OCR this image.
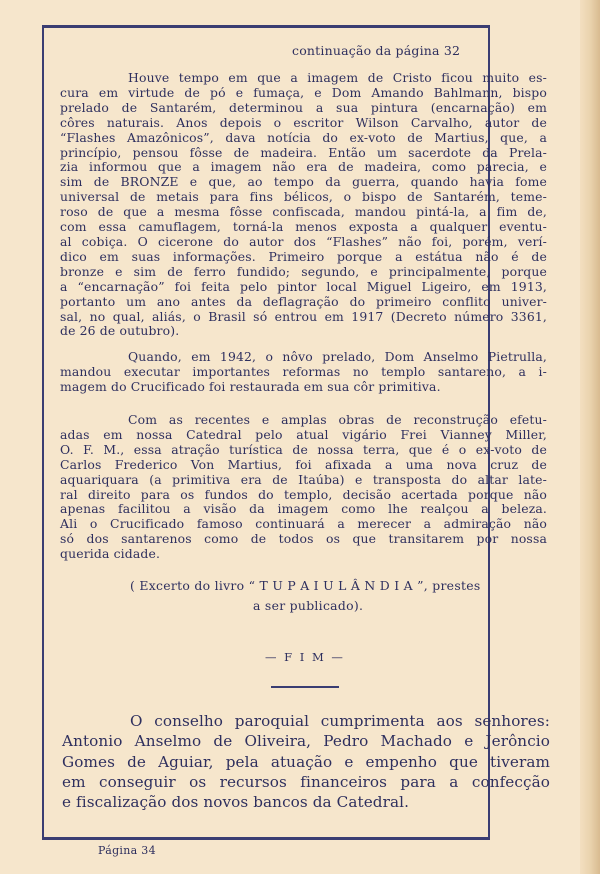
continuação da página 32
Houve tempo em que a imagem de Cristo ficou muito es-
cura em virtude de pó e fumaça, e Dom Amando Bahlmann, bispo
prelado de Santarém, determinou a sua pintura (encarnação) em
côres naturais. Anos depois o escritor Wilson Carvalho, autor de
“Flashes Amazônicos”, dava notícia do ex-voto de Martius, que, a
princípio, pensou fôsse de madeira. Então um sacerdote da Prela-
zia informou que a imagem não era de madeira, como parecia, e
sim de BRONZE e que, ao tempo da guerra, quando havia fome
universal de metais para fins bélicos, o bispo de Santarém, teme-
roso de que a mesma fôsse confiscada, mandou pintá-la, a fim de,
com essa camuflagem, torná-la menos exposta a qualquer eventu-
al cobiça. O cicerone do autor dos “Flashes” não foi, porém, verí-
dico em suas informações. Primeiro porque a estátua não é de
bronze e sim de ferro fundido; segundo, e principalmente, porque
a “encarnação” foi feita pelo pintor local Miguel Ligeiro, em 1913,
portanto um ano antes da deflagração do primeiro conflito univer-
sal, no qual, aliás, o Brasil só entrou em 1917 (Decreto número 3361,
de 26 de outubro).
Quando, em 1942, o nôvo prelado, Dom Anselmo Pietrulla,
mandou executar importantes reformas no templo santareno, a i-
magem do Crucificado foi restaurada em sua côr primitiva.
Com as recentes e amplas obras de reconstrução efetu-
adas em nossa Catedral pelo atual vigário Frei Vianney Miller,
O. F. M., essa atração turística de nossa terra, que é o ex-voto de
Carlos Frederico Von Martius, foi afixada a uma nova cruz de
aquariquara (a primitiva era de Itaúba) e transposta do altar late-
ral direito para os fundos do templo, decisão acertada porque não
apenas facilitou a visão da imagem como lhe realçou a beleza.
Ali o Crucificado famoso continuará a merecer a admiração não
só dos santarenos como de todos os que transitarem por nossa
querida cidade.
( Excerto do livro “ T U P A I U L Â N D I A ”, prestes
a ser publicado).
— F I M —
O conselho paroquial cumprimenta aos senhores:
Antonio Anselmo de Oliveira, Pedro Machado e Jerôncio
Gomes de Aguiar, pela atuação e empenho que tiveram
em conseguir os recursos financeiros para a confecção
e fiscalização dos novos bancos da Catedral.
Página 34
